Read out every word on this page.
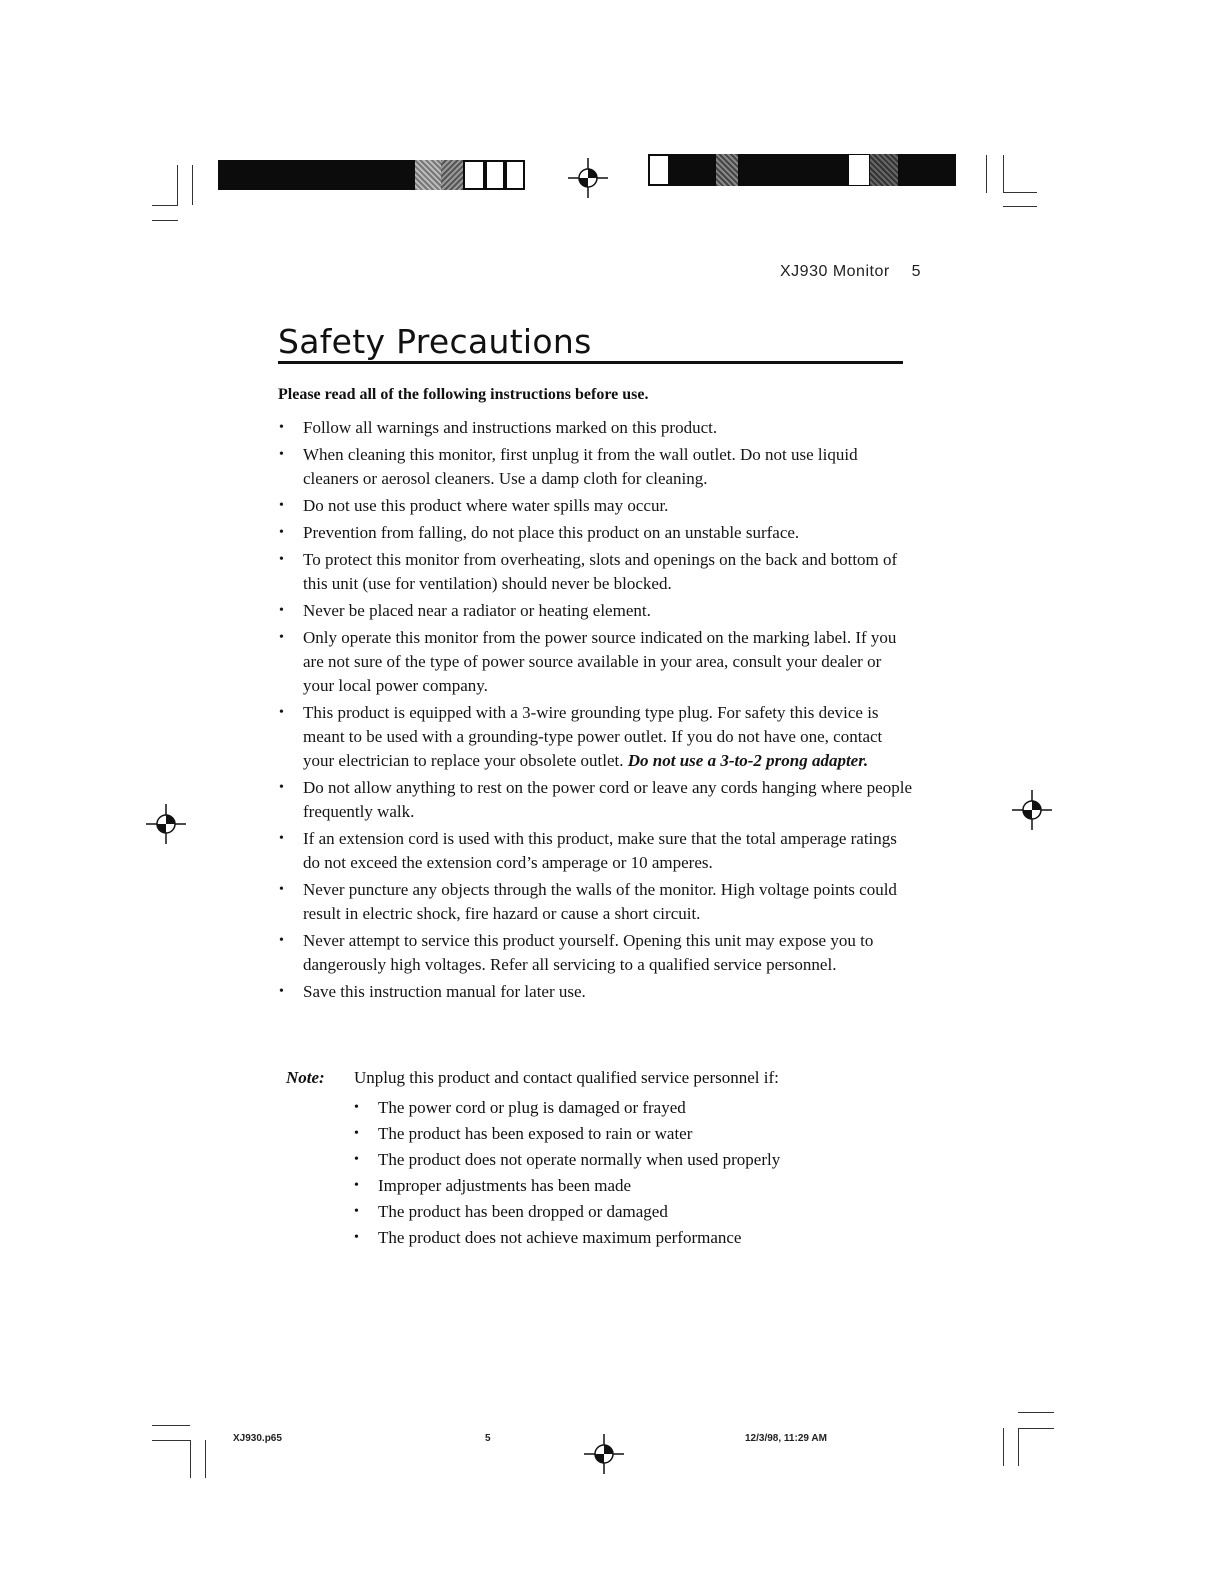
XJ930 Monitor 5
Safety Precautions
Please read all of the following instructions before use.
• Follow all warnings and instructions marked on this product.
• When cleaning this monitor, first unplug it from the wall outlet. Do not use liquid cleaners or aerosol cleaners. Use a damp cloth for cleaning.
• Do not use this product where water spills may occur.
• Prevention from falling, do not place this product on an unstable surface.
• To protect this monitor from overheating, slots and openings on the back and bottom of this unit (use for ventilation) should never be blocked.
• Never be placed near a radiator or heating element.
• Only operate this monitor from the power source indicated on the marking label. If you are not sure of the type of power source available in your area, consult your dealer or your local power company.
• This product is equipped with a 3-wire grounding type plug. For safety this device is meant to be used with a grounding-type power outlet. If you do not have one, contact your electrician to replace your obsolete outlet. Do not use a 3-to-2 prong adapter.
• Do not allow anything to rest on the power cord or leave any cords hanging where people frequently walk.
• If an extension cord is used with this product, make sure that the total amperage ratings do not exceed the extension cord’s amperage or 10 amperes.
• Never puncture any objects through the walls of the monitor. High voltage points could result in electric shock, fire hazard or cause a short circuit.
• Never attempt to service this product yourself. Opening this unit may expose you to dangerously high voltages. Refer all servicing to a qualified service personnel.
• Save this instruction manual for later use.
Note: Unplug this product and contact qualified service personnel if:
• The power cord or plug is damaged or frayed
• The product has been exposed to rain or water
• The product does not operate normally when used properly
• Improper adjustments has been made
• The product has been dropped or damaged
• The product does not achieve maximum performance
XJ930.p65	5	12/3/98, 11:29 AM
